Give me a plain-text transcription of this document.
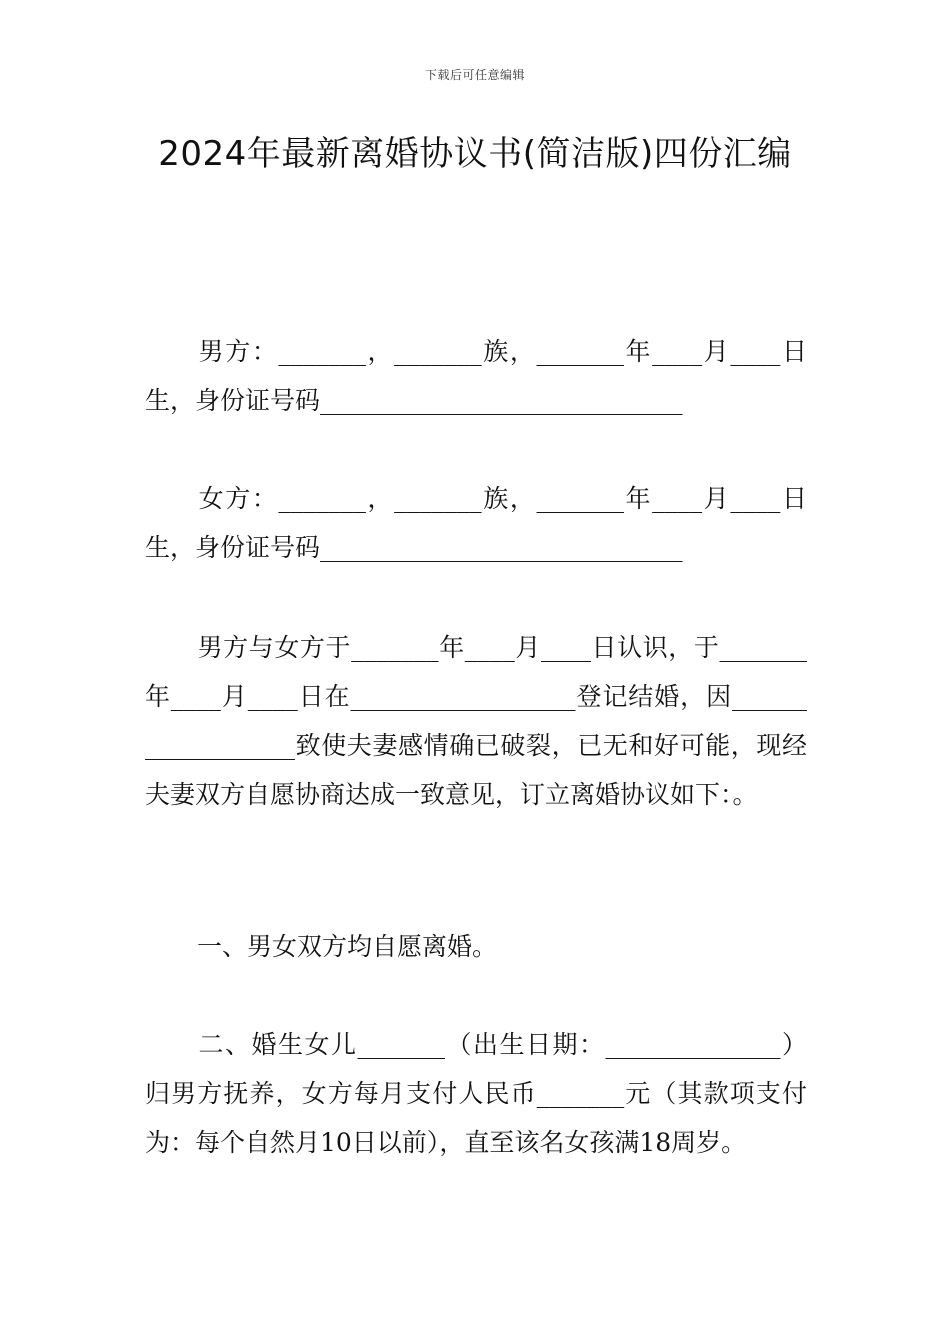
下载后可任意编辑
2024年最新离婚协议书(简洁版)四份汇编

男方：_______，_______族，_______年____月____日生，身份证号码_____________________________

女方：_______，_______族，_______年____月____日生，身份证号码_____________________________

男方与女方于_______年____月____日认识，于_______年____月____日在__________________登记结婚，因__________________致使夫妻感情确已破裂，已无和好可能，现经夫妻双方自愿协商达成一致意见，订立离婚协议如下：。

一、男女双方均自愿离婚。

二、婚生女儿_______（出生日期：______________）归男方抚养，女方每月支付人民币_______元（其款项支付为：每个自然月10日以前），直至该名女孩满18周岁。
